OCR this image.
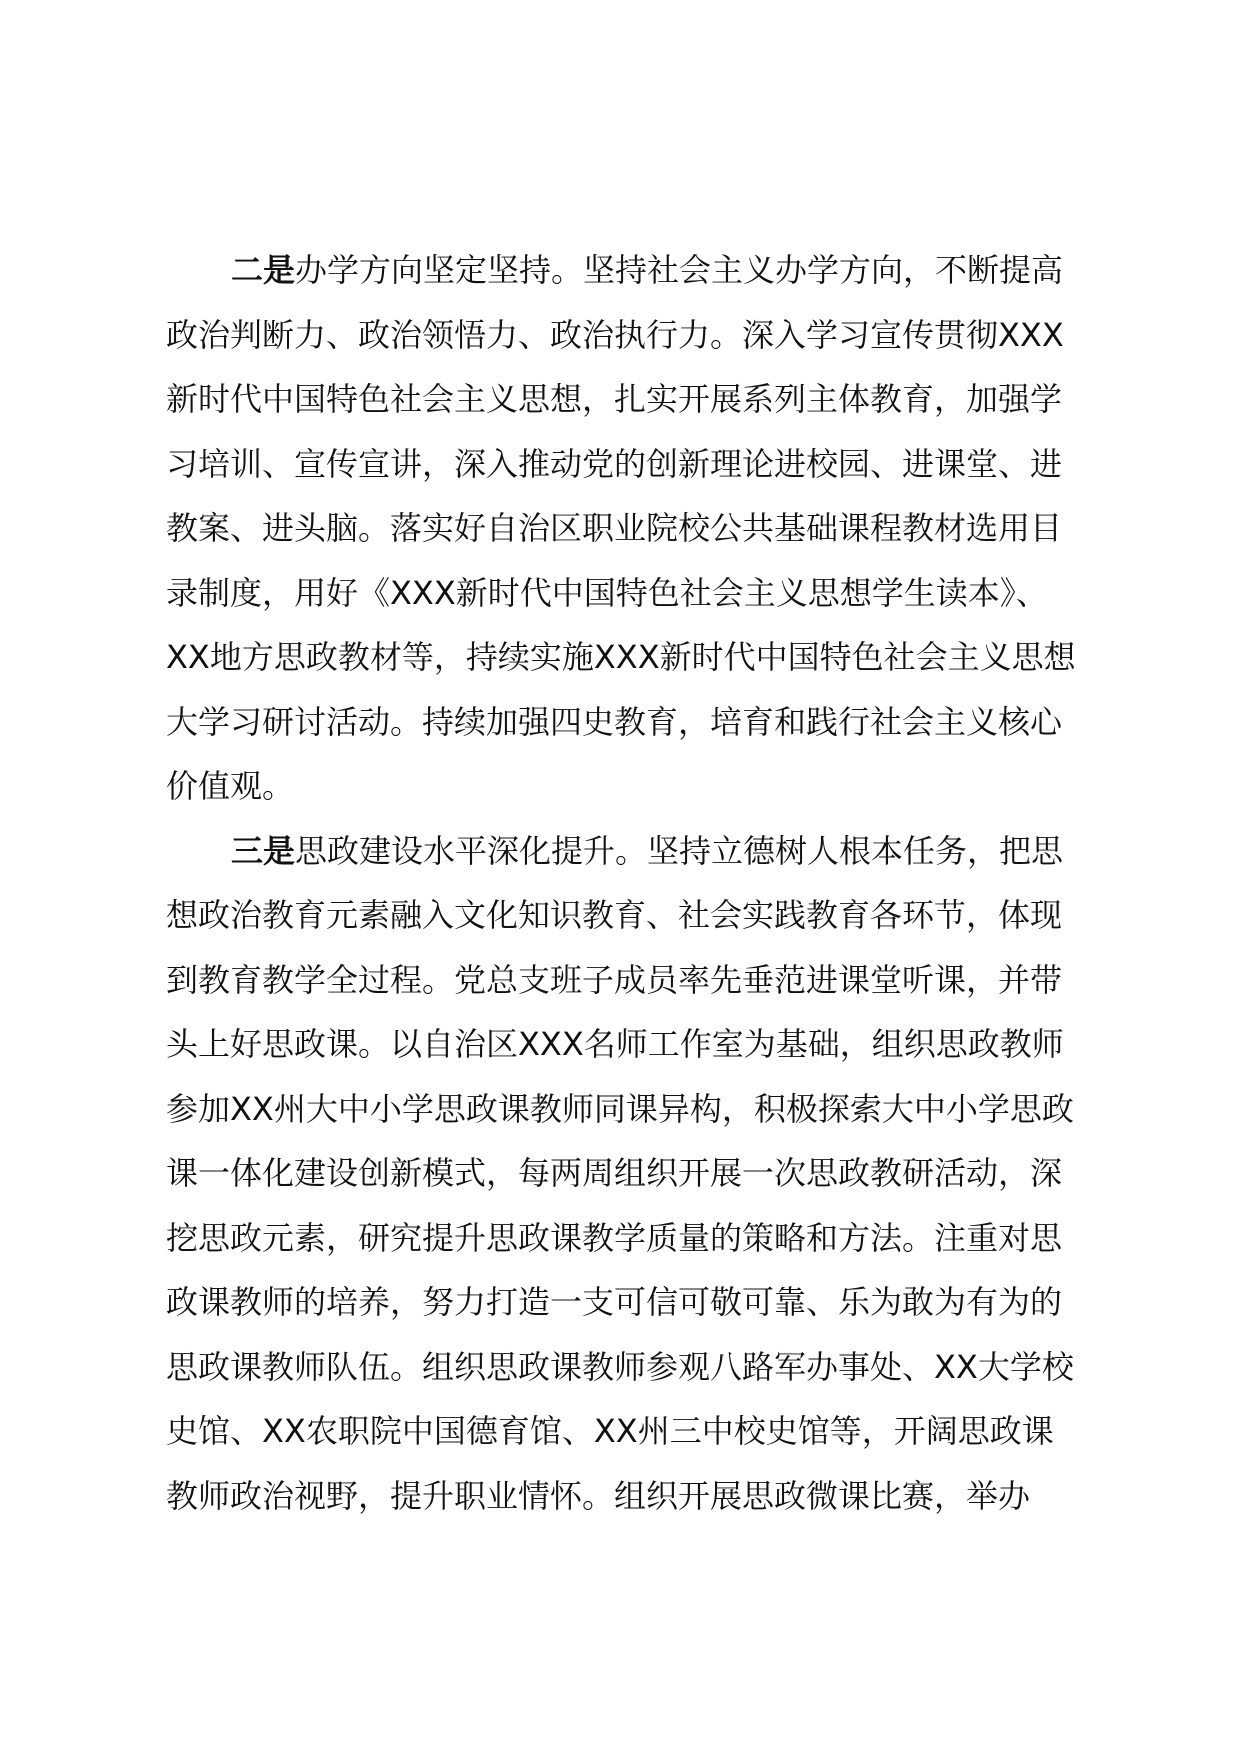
二是办学方向坚定坚持。坚持社会主义办学方向，不断提高
政治判断力、政治领悟力、政治执行力。深入学习宣传贯彻XXX
新时代中国特色社会主义思想，扎实开展系列主体教育，加强学
习培训、宣传宣讲，深入推动党的创新理论进校园、进课堂、进
教案、进头脑。落实好自治区职业院校公共基础课程教材选用目
录制度，用好《XXX新时代中国特色社会主义思想学生读本》、
XX地方思政教材等，持续实施XXX新时代中国特色社会主义思想
大学习研讨活动。持续加强四史教育，培育和践行社会主义核心
价值观。
三是思政建设水平深化提升。坚持立德树人根本任务，把思
想政治教育元素融入文化知识教育、社会实践教育各环节，体现
到教育教学全过程。党总支班子成员率先垂范进课堂听课，并带
头上好思政课。以自治区XXX名师工作室为基础，组织思政教师
参加XX州大中小学思政课教师同课异构，积极探索大中小学思政
课一体化建设创新模式，每两周组织开展一次思政教研活动，深
挖思政元素，研究提升思政课教学质量的策略和方法。注重对思
政课教师的培养，努力打造一支可信可敬可靠、乐为敢为有为的
思政课教师队伍。组织思政课教师参观八路军办事处、XX大学校
史馆、XX农职院中国德育馆、XX州三中校史馆等，开阔思政课
教师政治视野，提升职业情怀。组织开展思政微课比赛，举办
